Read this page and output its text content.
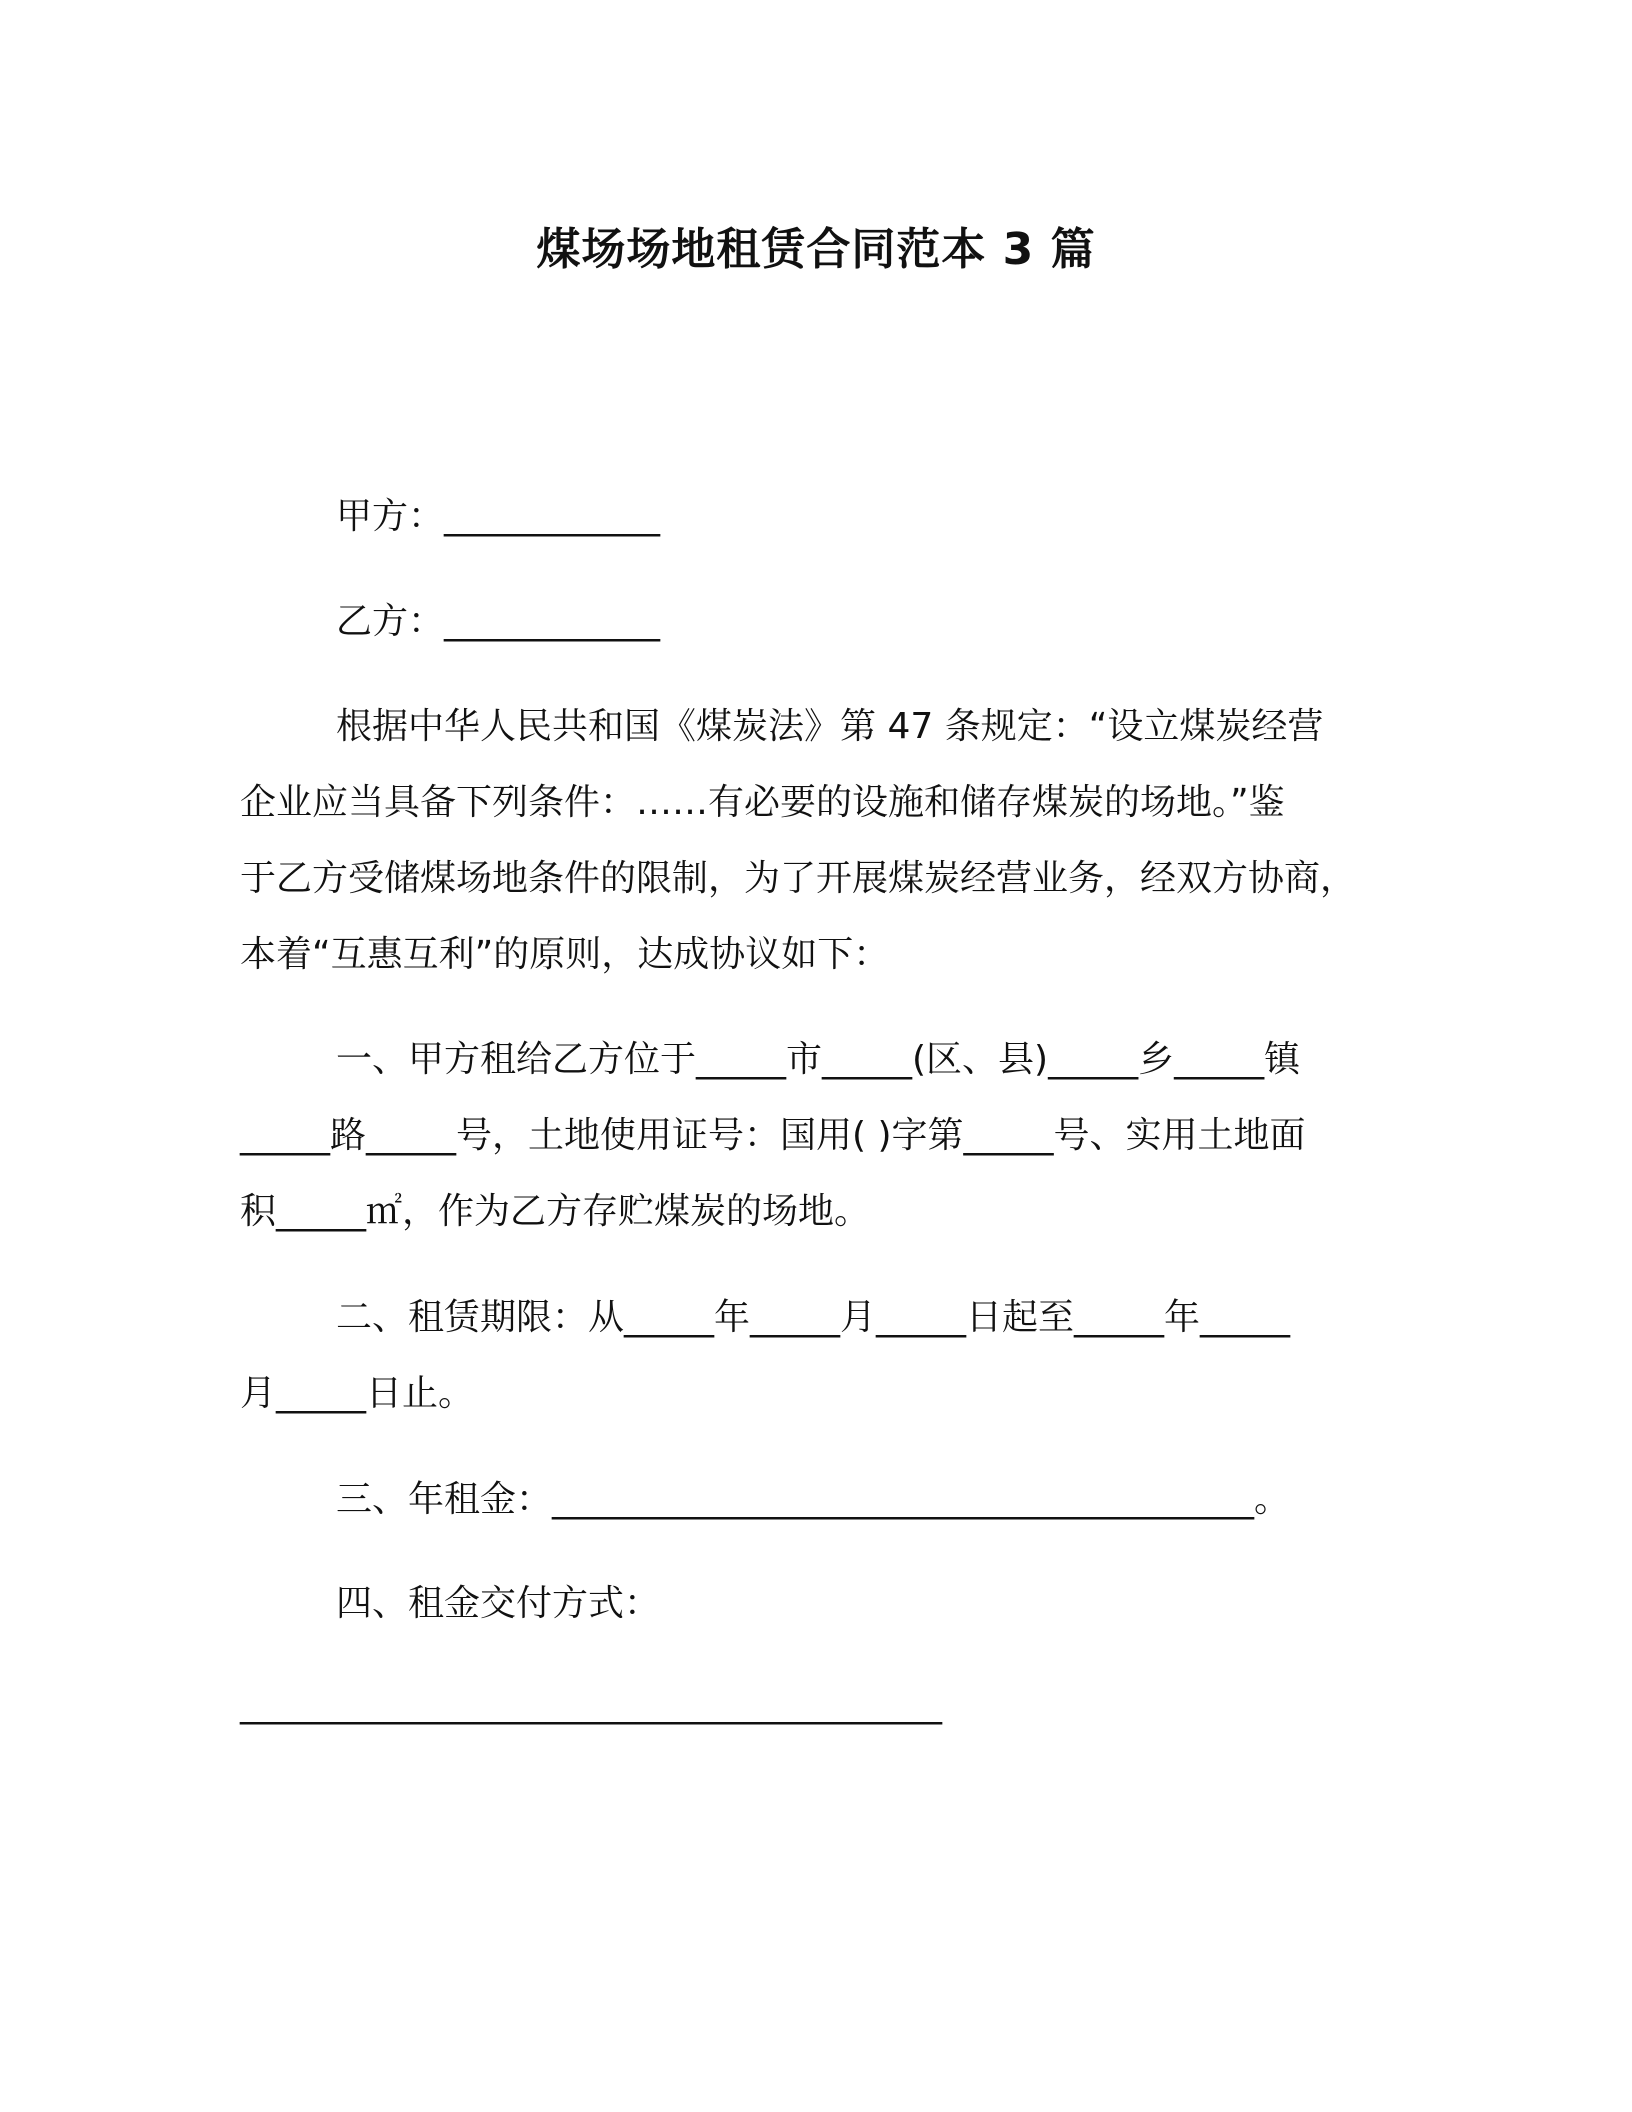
煤场场地租赁合同范本 3 篇
甲方：____________
乙方：____________
根据中华人民共和国《煤炭法》第 47 条规定：“设立煤炭经营
企业应当具备下列条件：……有必要的设施和储存煤炭的场地。”鉴
于乙方受储煤场地条件的限制，为了开展煤炭经营业务，经双方协商，
本着“互惠互利”的原则，达成协议如下：
一、甲方租给乙方位于_____市_____(区、县)_____乡_____镇
_____路_____号，土地使用证号：国用( )字第_____号、实用土地面
积_____㎡，作为乙方存贮煤炭的场地。
二、租赁期限：从_____年_____月_____日起至_____年_____
月_____日止。
三、年租金：_______________________________________。
四、租金交付方式：
_______________________________________
